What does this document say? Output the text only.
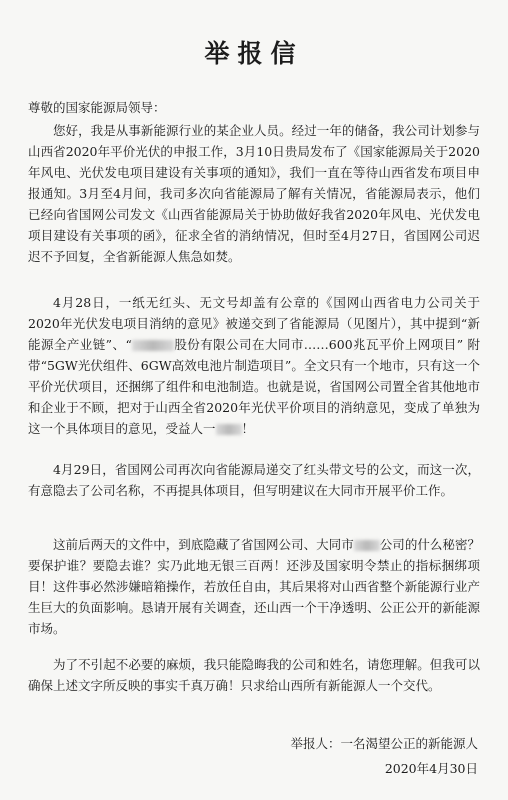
举报信
尊敬的国家能源局领导：

您好，我是从事新能源行业的某企业人员。经过一年的储备，我公司计划参与山西省2020年平价光伏的申报工作，3月10日贵局发布了《国家能源局关于2020年风电、光伏发电项目建设有关事项的通知》，我们一直在等待山西省发布项目申报通知。3月至4月间，我司多次向省能源局了解有关情况，省能源局表示，他们已经向省国网公司发文《山西省能源局关于协助做好我省2020年风电、光伏发电项目建设有关事项的函》，征求全省的消纳情况，但时至4月27日，省国网公司迟迟不予回复，全省新能源人焦急如焚。

4月28日，一纸无红头、无文号却盖有公章的《国网山西省电力公司关于2020年光伏发电项目消纳的意见》被递交到了省能源局（见图片），其中提到“新能源全产业链”、“	股份有限公司在大同市……600兆瓦平价上网项目” 附带“5GW光伏组件、6GW高效电池片制造项目”。全文只有一个地市，只有这一个平价光伏项目，还捆绑了组件和电池制造。也就是说，省国网公司置全省其他地市和企业于不顾，把对于山西全省2020年光伏平价项目的消纳意见，变成了单独为这一个具体项目的意见，受益人一 ！

4月29日，省国网公司再次向省能源局递交了红头带文号的公文，而这一次，有意隐去了公司名称，不再提具体项目，但写明建议在大同市开展平价工作。

这前后两天的文件中，到底隐藏了省国网公司、大同市 公司的什么秘密？要保护谁？要隐去谁？实乃此地无银三百两！还涉及国家明令禁止的指标捆绑项目！这件事必然涉嫌暗箱操作，若放任自由，其后果将对山西省整个新能源行业产生巨大的负面影响。恳请开展有关调查，还山西一个干净透明、公正公开的新能源市场。

为了不引起不必要的麻烦，我只能隐晦我的公司和姓名，请您理解。但我可以确保上述文字所反映的事实千真万确！只求给山西所有新能源人一个交代。

举报人：一名渴望公正的新能源人

2020年4月30日
